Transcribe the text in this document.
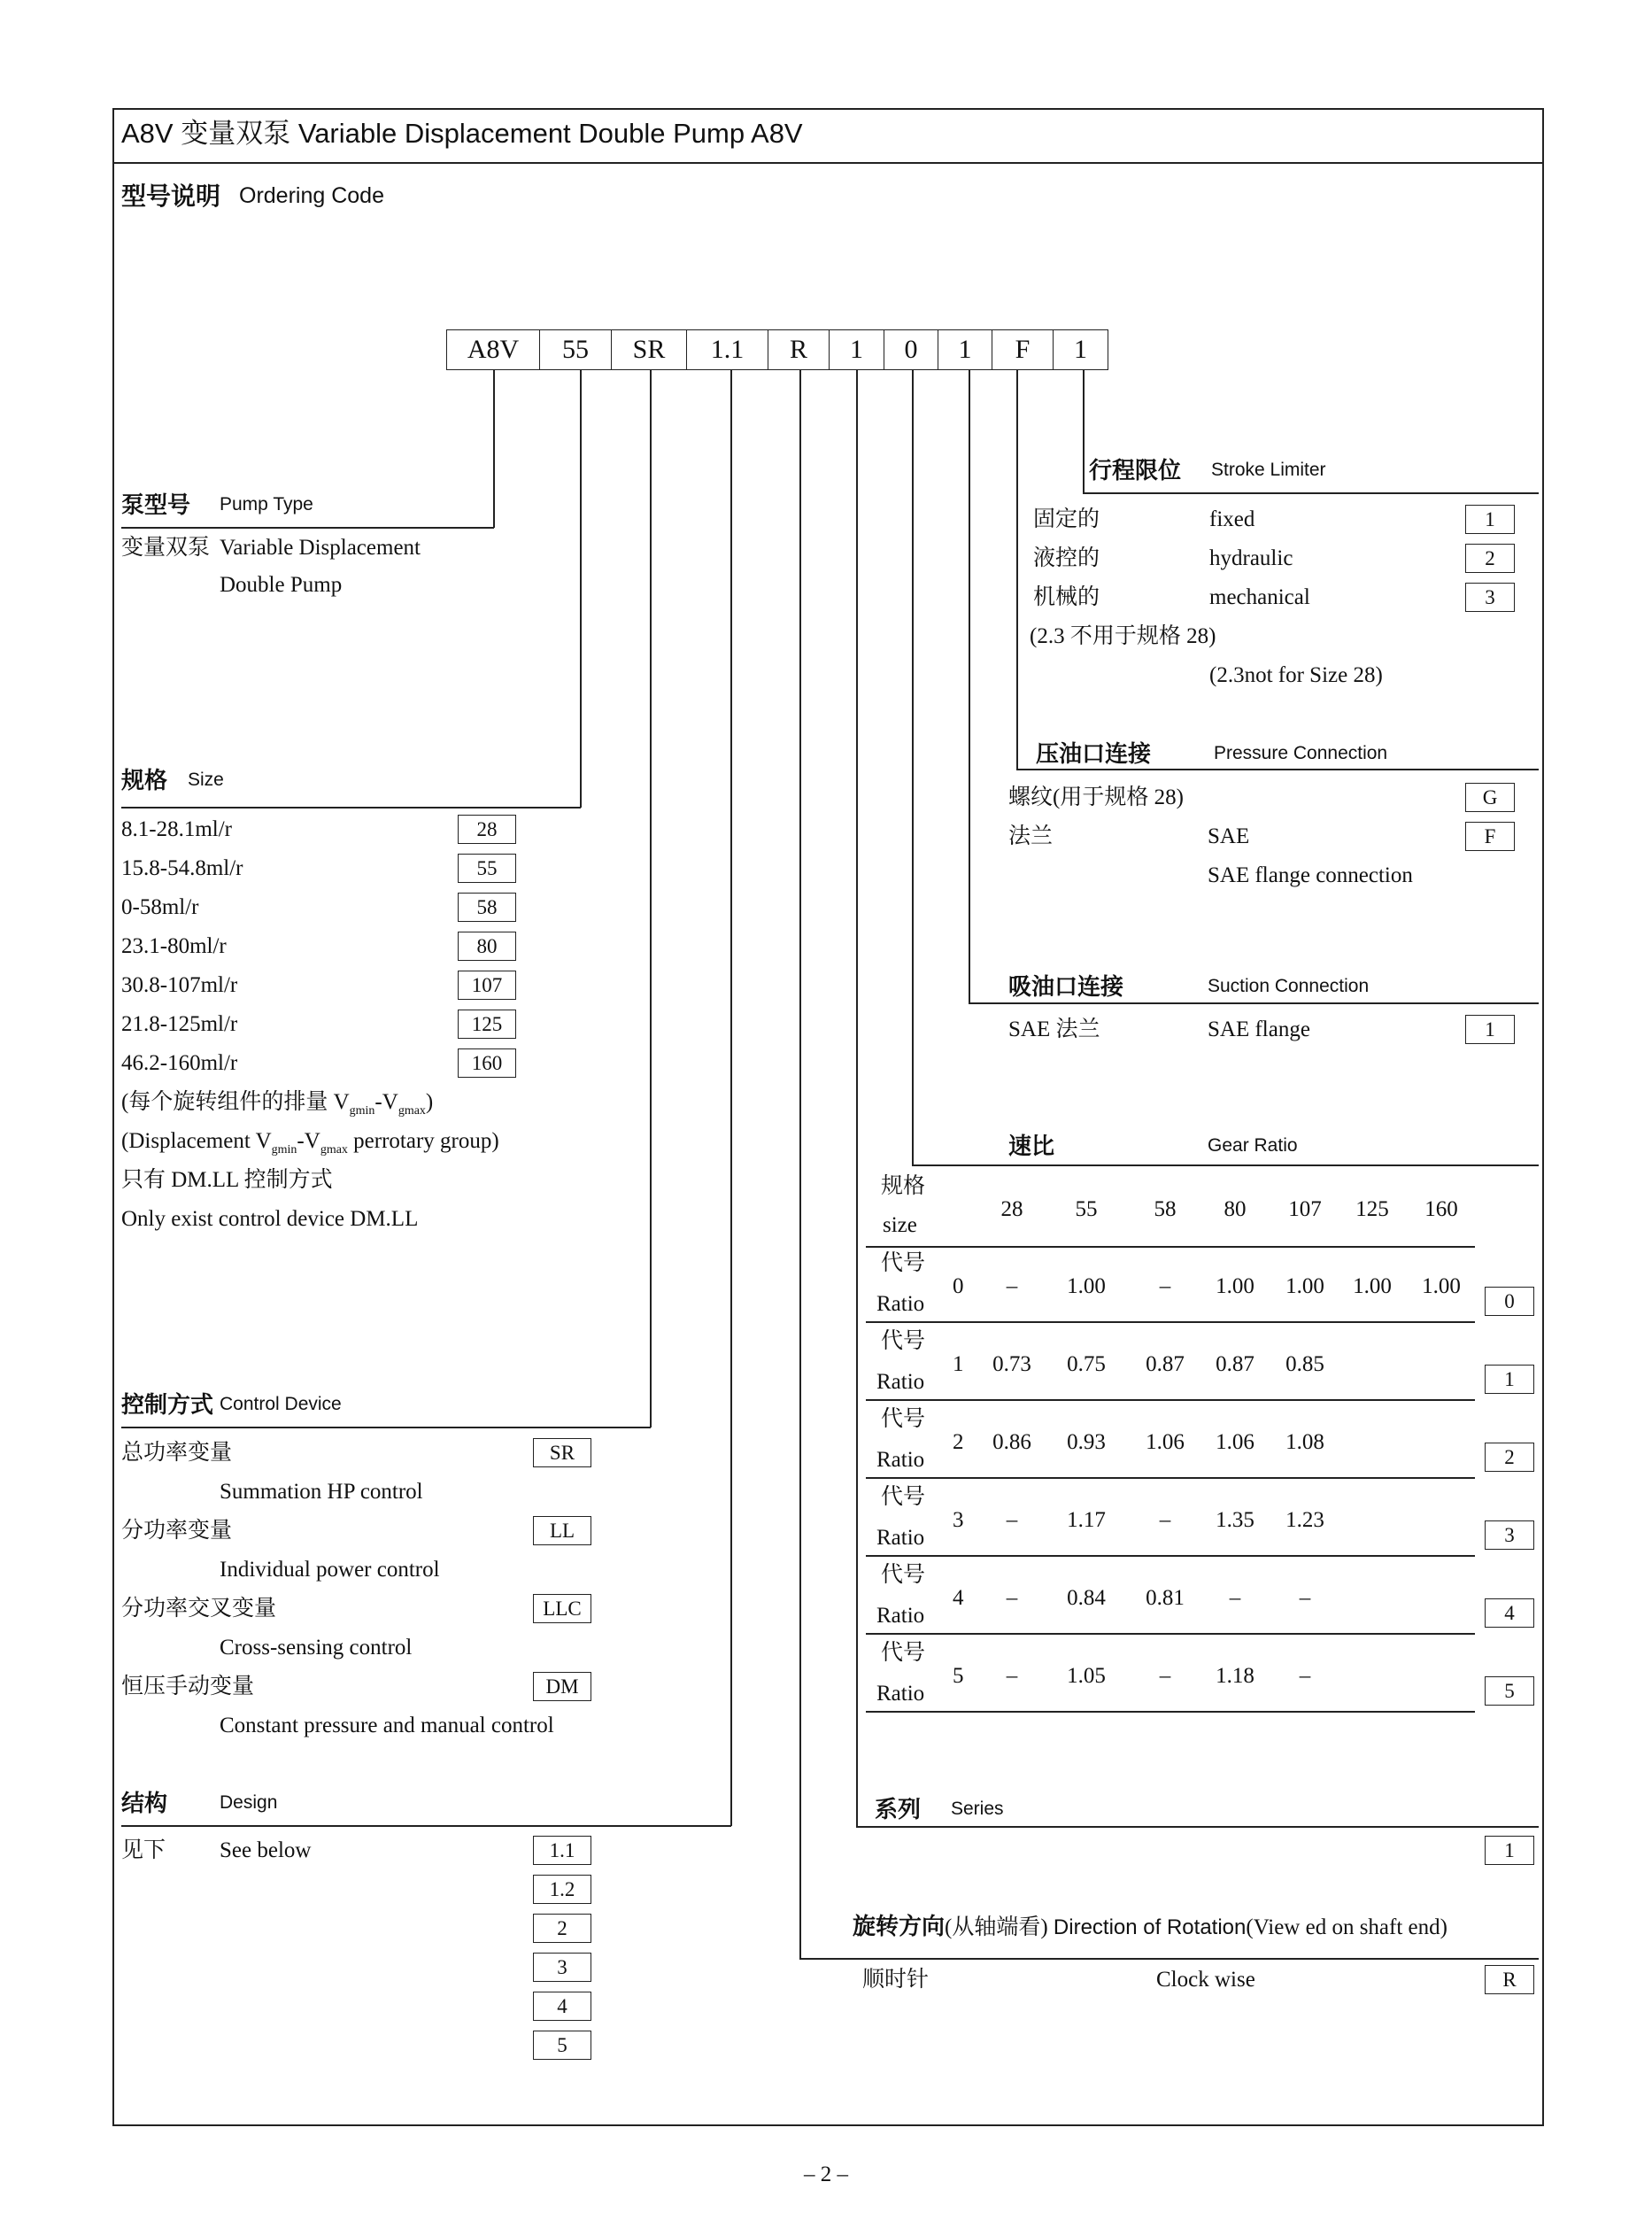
A8V 变量双泵 Variable Displacement Double Pump A8V
型号说明 Ordering Code
A8V	55	SR	1.1	R	1	0	1	F	1
泵型号 Pump Type
变量双泵 Variable Displacement
Double Pump
规格 Size
8.1-28.1ml/r	28
15.8-54.8ml/r	55
0-58ml/r	58
23.1-80ml/r	80
30.8-107ml/r	107
21.8-125ml/r	125
46.2-160ml/r	160
(每个旋转组件的排量 $V_{gmin}-V_{gmax}$)
(Displacement $V_{gmin}-V_{gmax}$ perrotary group)
只有 DM.LL 控制方式
Only exist control device DM.LL
控制方式 Control Device
总功率变量	SR
Summation HP control
分功率变量	LL
Individual power control
分功率交叉变量	LLC
Cross-sensing control
恒压手动变量	DM
Constant pressure and manual control
结构	Design
见下 See below	1.1
1.2
2
3
4
5
行程限位 Stroke Limiter
固定的	fixed	1
液控的	hydraulic	2
机械的	mechanical	3
(2.3 不用于规格 28)
(2.3not for Size 28)
压油口连接	Pressure Connection
螺纹(用于规格 28)	G
法兰	SAE	F
SAE flange connection
吸油口连接	Suction Connection
SAE 法兰	SAE flange	1
速比	Gear Ratio
规格
size
28	55	58	80	107	125	160
代号
Ratio
0	–	1.00	–	1.00	1.00	1.00	1.00
0
代号
Ratio
1	0.73	0.75	0.87	0.87	0.85
1
代号
Ratio
2	0.86	0.93	1.06	1.06	1.08
2
代号
Ratio
3	–	1.17	–	1.35	1.23
3
代号
Ratio
4	–	0.84	0.81	–	–
4
代号
Ratio
5	–	1.05	–	1.18	–
5
系列 Series
1
旋转方向(从轴端看) Direction of Rotation(View ed on shaft end)
顺时针	Clock wise	R
– 2 –
